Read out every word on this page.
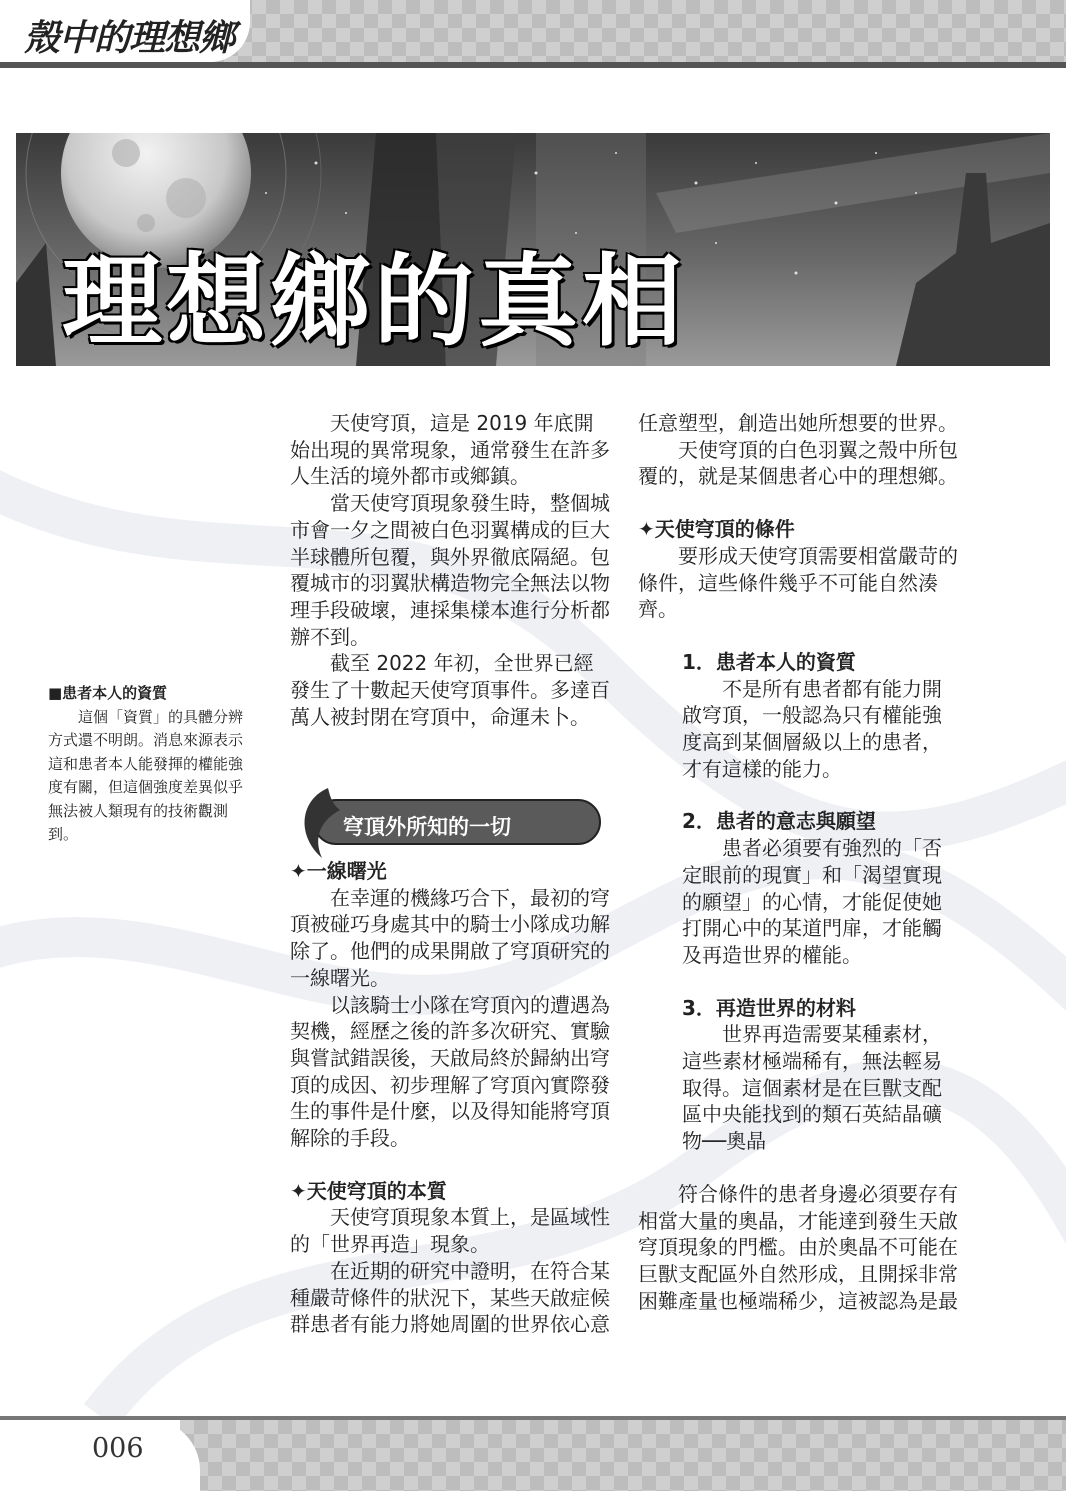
殼中的理想鄉
理想鄉的真相
■患者本人的資質

這個「資質」的具體分辨方式還不明朗。消息來源表示這和患者本人能發揮的權能強度有關，但這個強度差異似乎無法被人類現有的技術觀測到。

天使穹頂，這是 2019 年底開始出現的異常現象，通常發生在許多人生活的境外都市或鄉鎮。

當天使穹頂現象發生時，整個城市會一夕之間被白色羽翼構成的巨大半球體所包覆，與外界徹底隔絕。包覆城市的羽翼狀構造物完全無法以物理手段破壞，連採集樣本進行分析都辦不到。

截至 2022 年初，全世界已經發生了十數起天使穹頂事件。多達百萬人被封閉在穹頂中，命運未卜。

穹頂外所知的一切
✦一線曙光

在幸運的機緣巧合下，最初的穹頂被碰巧身處其中的騎士小隊成功解除了。他們的成果開啟了穹頂研究的一線曙光。

以該騎士小隊在穹頂內的遭遇為契機，經歷之後的許多次研究、實驗與嘗試錯誤後，天啟局終於歸納出穹頂的成因、初步理解了穹頂內實際發生的事件是什麼，以及得知能將穹頂解除的手段。

✦天使穹頂的本質

天使穹頂現象本質上，是區域性的「世界再造」現象。

在近期的研究中證明，在符合某種嚴苛條件的狀況下，某些天啟症候群患者有能力將她周圍的世界依心意

任意塑型，創造出她所想要的世界。

天使穹頂的白色羽翼之殼中所包覆的，就是某個患者心中的理想鄉。

✦天使穹頂的條件

要形成天使穹頂需要相當嚴苛的條件，這些條件幾乎不可能自然湊齊。

1．患者本人的資質

不是所有患者都有能力開啟穹頂，一般認為只有權能強度高到某個層級以上的患者，才有這樣的能力。

2．患者的意志與願望

患者必須要有強烈的「否定眼前的現實」和「渴望實現的願望」的心情，才能促使她打開心中的某道門扉，才能觸及再造世界的權能。

3．再造世界的材料

世界再造需要某種素材，這些素材極端稀有，無法輕易取得。這個素材是在巨獸支配區中央能找到的類石英結晶礦物──奧晶

符合條件的患者身邊必須要存有相當大量的奧晶，才能達到發生天啟穹頂現象的門檻。由於奧晶不可能在巨獸支配區外自然形成，且開採非常困難產量也極端稀少，這被認為是最

006
